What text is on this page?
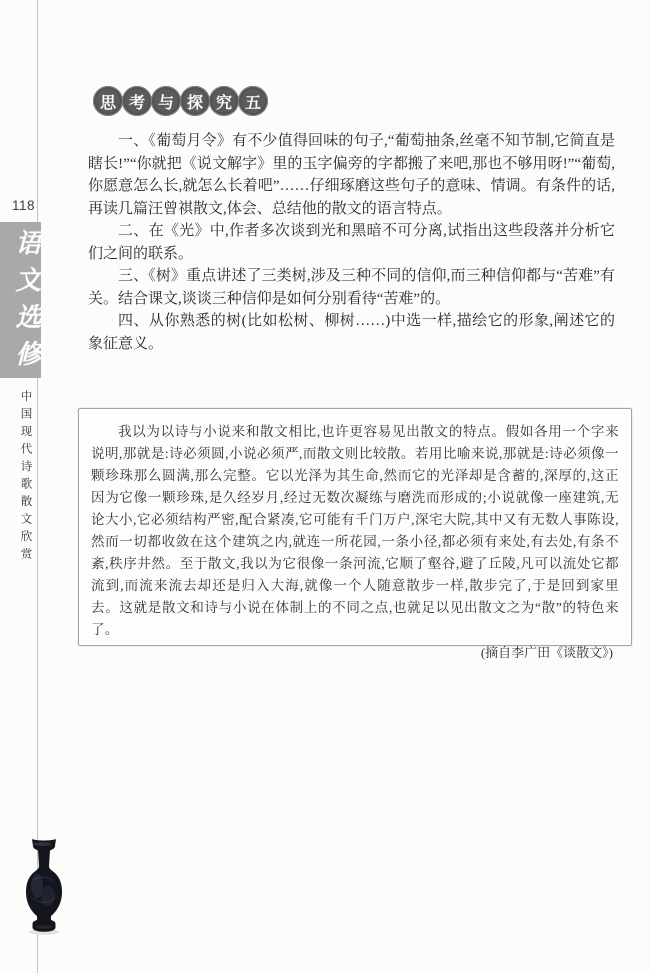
118
语文选修
中国现代诗歌散文欣赏
思 考 与 探 究 五

一、《葡萄月令》有不少值得回味的句子,“葡萄抽条,丝毫不知节制,它简直是瞎长!”“你就把《说文解字》里的玉字偏旁的字都搬了来吧,那也不够用呀!”“葡萄,你愿意怎么长,就怎么长着吧”……仔细琢磨这些句子的意味、情调。有条件的话,再读几篇汪曾祺散文,体会、总结他的散文的语言特点。

二、在《光》中,作者多次谈到光和黑暗不可分离,试指出这些段落并分析它们之间的联系。

三、《树》重点讲述了三类树,涉及三种不同的信仰,而三种信仰都与“苦难”有关。结合课文,谈谈三种信仰是如何分别看待“苦难”的。

四、从你熟悉的树(比如松树、柳树……)中选一样,描绘它的形象,阐述它的象征意义。

我以为以诗与小说来和散文相比,也许更容易见出散文的特点。假如各用一个字来说明,那就是:诗必须圆,小说必须严,而散文则比较散。若用比喻来说,那就是:诗必须像一颗珍珠那么圆满,那么完整。它以光泽为其生命,然而它的光泽却是含蓄的,深厚的,这正因为它像一颗珍珠,是久经岁月,经过无数次凝练与磨洗而形成的;小说就像一座建筑,无论大小,它必须结构严密,配合紧凑,它可能有千门万户,深宅大院,其中又有无数人事陈设,然而一切都收敛在这个建筑之内,就连一所花园,一条小径,都必须有来处,有去处,有条不紊,秩序井然。至于散文,我以为它很像一条河流,它顺了壑谷,避了丘陵,凡可以流处它都流到,而流来流去却还是归入大海,就像一个人随意散步一样,散步完了,于是回到家里去。这就是散文和诗与小说在体制上的不同之点,也就足以见出散文之为“散”的特色来了。

(摘自李广田《谈散文》)
